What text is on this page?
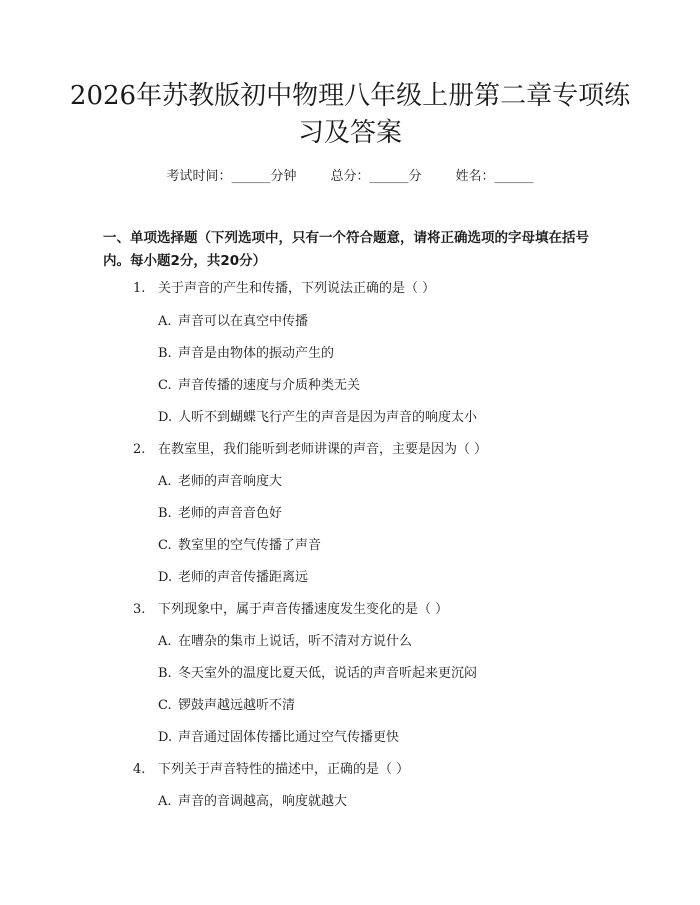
2026年苏教版初中物理八年级上册第二章专项练习及答案
考试时间：______分钟	总分：______分	姓名：______

一、单项选择题（下列选项中，只有一个符合题意，请将正确选项的字母填在括号内。每小题2分，共20分）

1. 关于声音的产生和传播，下列说法正确的是（ ）
A. 声音可以在真空中传播
B. 声音是由物体的振动产生的
C. 声音传播的速度与介质种类无关
D. 人听不到蝴蝶飞行产生的声音是因为声音的响度太小
2. 在教室里，我们能听到老师讲课的声音，主要是因为（ ）
A. 老师的声音响度大
B. 老师的声音音色好
C. 教室里的空气传播了声音
D. 老师的声音传播距离远
3. 下列现象中，属于声音传播速度发生变化的是（ ）
A. 在嘈杂的集市上说话，听不清对方说什么
B. 冬天室外的温度比夏天低，说话的声音听起来更沉闷
C. 锣鼓声越远越听不清
D. 声音通过固体传播比通过空气传播更快
4. 下列关于声音特性的描述中，正确的是（ ）
A. 声音的音调越高，响度就越大
